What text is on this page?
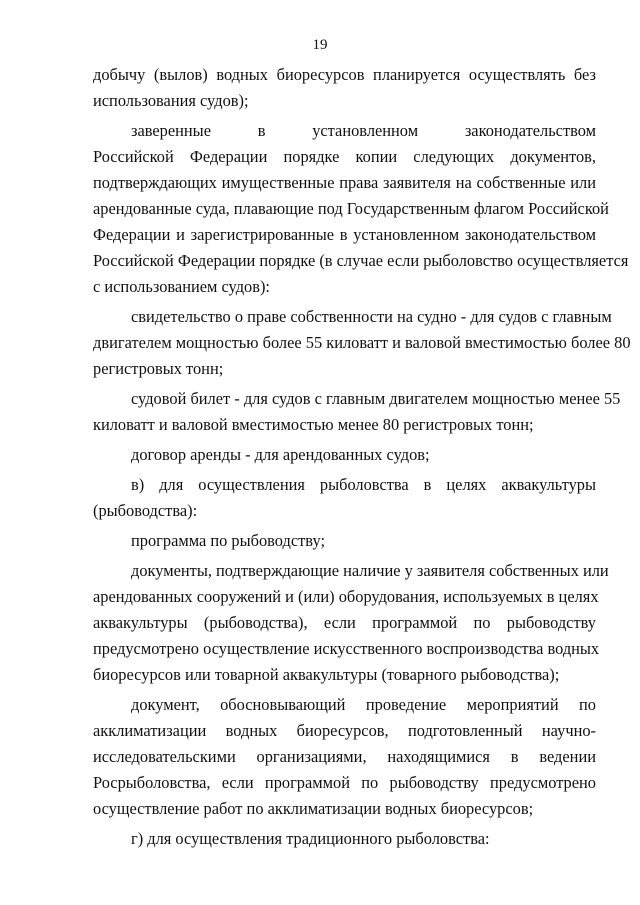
19
добычу (вылов) водных биоресурсов планируется осуществлять без
использования судов);
заверенные в установленном законодательством
Российской Федерации порядке копии следующих документов,
подтверждающих имущественные права заявителя на собственные или
арендованные суда, плавающие под Государственным флагом Российской
Федерации и зарегистрированные в установленном законодательством
Российской Федерации порядке (в случае если рыболовство осуществляется
с использованием судов):
свидетельство о праве собственности на судно - для судов с главным
двигателем мощностью более 55 киловатт и валовой вместимостью более 80
регистровых тонн;
судовой билет - для судов с главным двигателем мощностью менее 55
киловатт и валовой вместимостью менее 80 регистровых тонн;
договор аренды - для арендованных судов;
в) для осуществления рыболовства в целях аквакультуры
(рыбоводства):
программа по рыбоводству;
документы, подтверждающие наличие у заявителя собственных или
арендованных сооружений и (или) оборудования, используемых в целях
аквакультуры (рыбоводства), если программой по рыбоводству
предусмотрено осуществление искусственного воспроизводства водных
биоресурсов или товарной аквакультуры (товарного рыбоводства);
документ, обосновывающий проведение мероприятий по
акклиматизации водных биоресурсов, подготовленный научно-
исследовательскими организациями, находящимися в ведении
Росрыболовства, если программой по рыбоводству предусмотрено
осуществление работ по акклиматизации водных биоресурсов;
г) для осуществления традиционного рыболовства:
